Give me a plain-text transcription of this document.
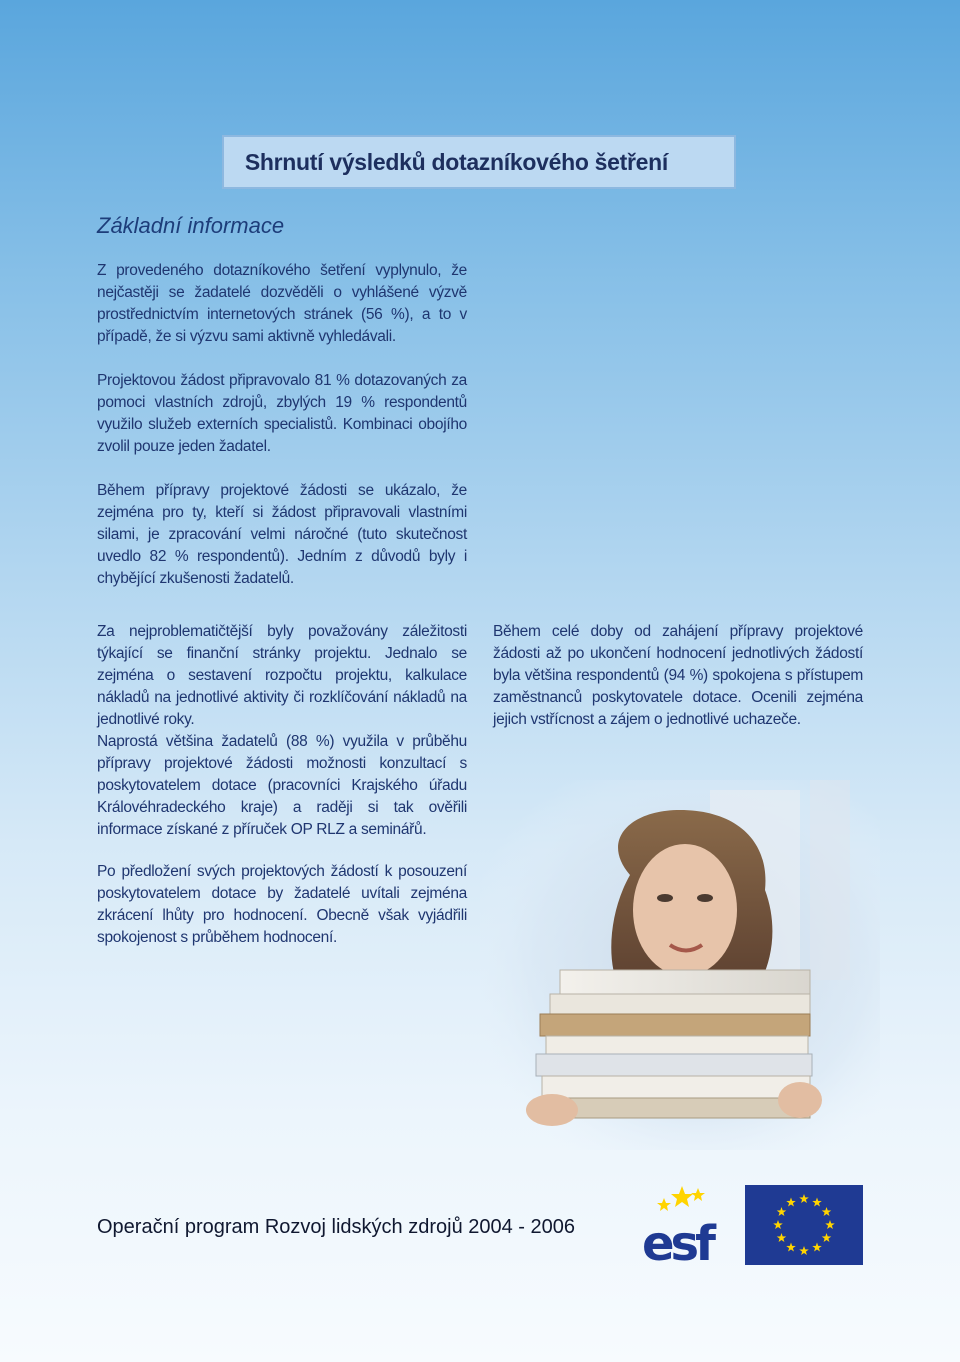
Shrnutí výsledků dotazníkového šetření
Základní informace

Z provedeného dotazníkového šetření vyplynulo, že nejčastěji se žadatelé dozvěděli o vyhlášené výzvě prostřednictvím internetových stránek (56 %), a to v případě, že si výzvu sami aktivně vyhledávali.

Projektovou žádost připravovalo 81 % dotazovaných za pomoci vlastních zdrojů, zbylých 19 % respondentů využilo služeb externích specialistů. Kombinaci obojího zvolil pouze jeden žadatel.

Během přípravy projektové žádosti se ukázalo, že zejména pro ty, kteří si žádost připravovali vlastními silami, je zpracování velmi náročné (tuto skutečnost uvedlo 82 % respondentů). Jedním z důvodů byly i chybějící zkušenosti žadatelů.

Za nejproblematičtější byly považovány záležitosti týkající se finanční stránky projektu. Jednalo se zejména o sestavení rozpočtu projektu, kalkulace nákladů na jednotlivé aktivity či rozklíčování nákladů na jednotlivé roky.

Naprostá většina žadatelů (88 %) využila v průběhu přípravy projektové žádosti možnosti konzultací s poskytovatelem dotace (pracovníci Krajského úřadu Královéhradeckého kraje) a raději si tak ověřili informace získané z příruček OP RLZ a seminářů.

Po předložení svých projektových žádostí k posouzení poskytovatelem dotace by žadatelé uvítali zejména zkrácení lhůty pro hodnocení. Obecně však vyjádřili spokojenost s průběhem hodnocení.

Během celé doby od zahájení přípravy projektové žádosti až po ukončení hodnocení jednotlivých žádostí byla většina respondentů (94 %) spokojena s přístupem zaměstnanců poskytovatele dotace. Ocenili zejména jejich vstřícnost a zájem o jednotlivé uchazeče.

Operační program Rozvoj lidských zdrojů 2004 - 2006 esf
